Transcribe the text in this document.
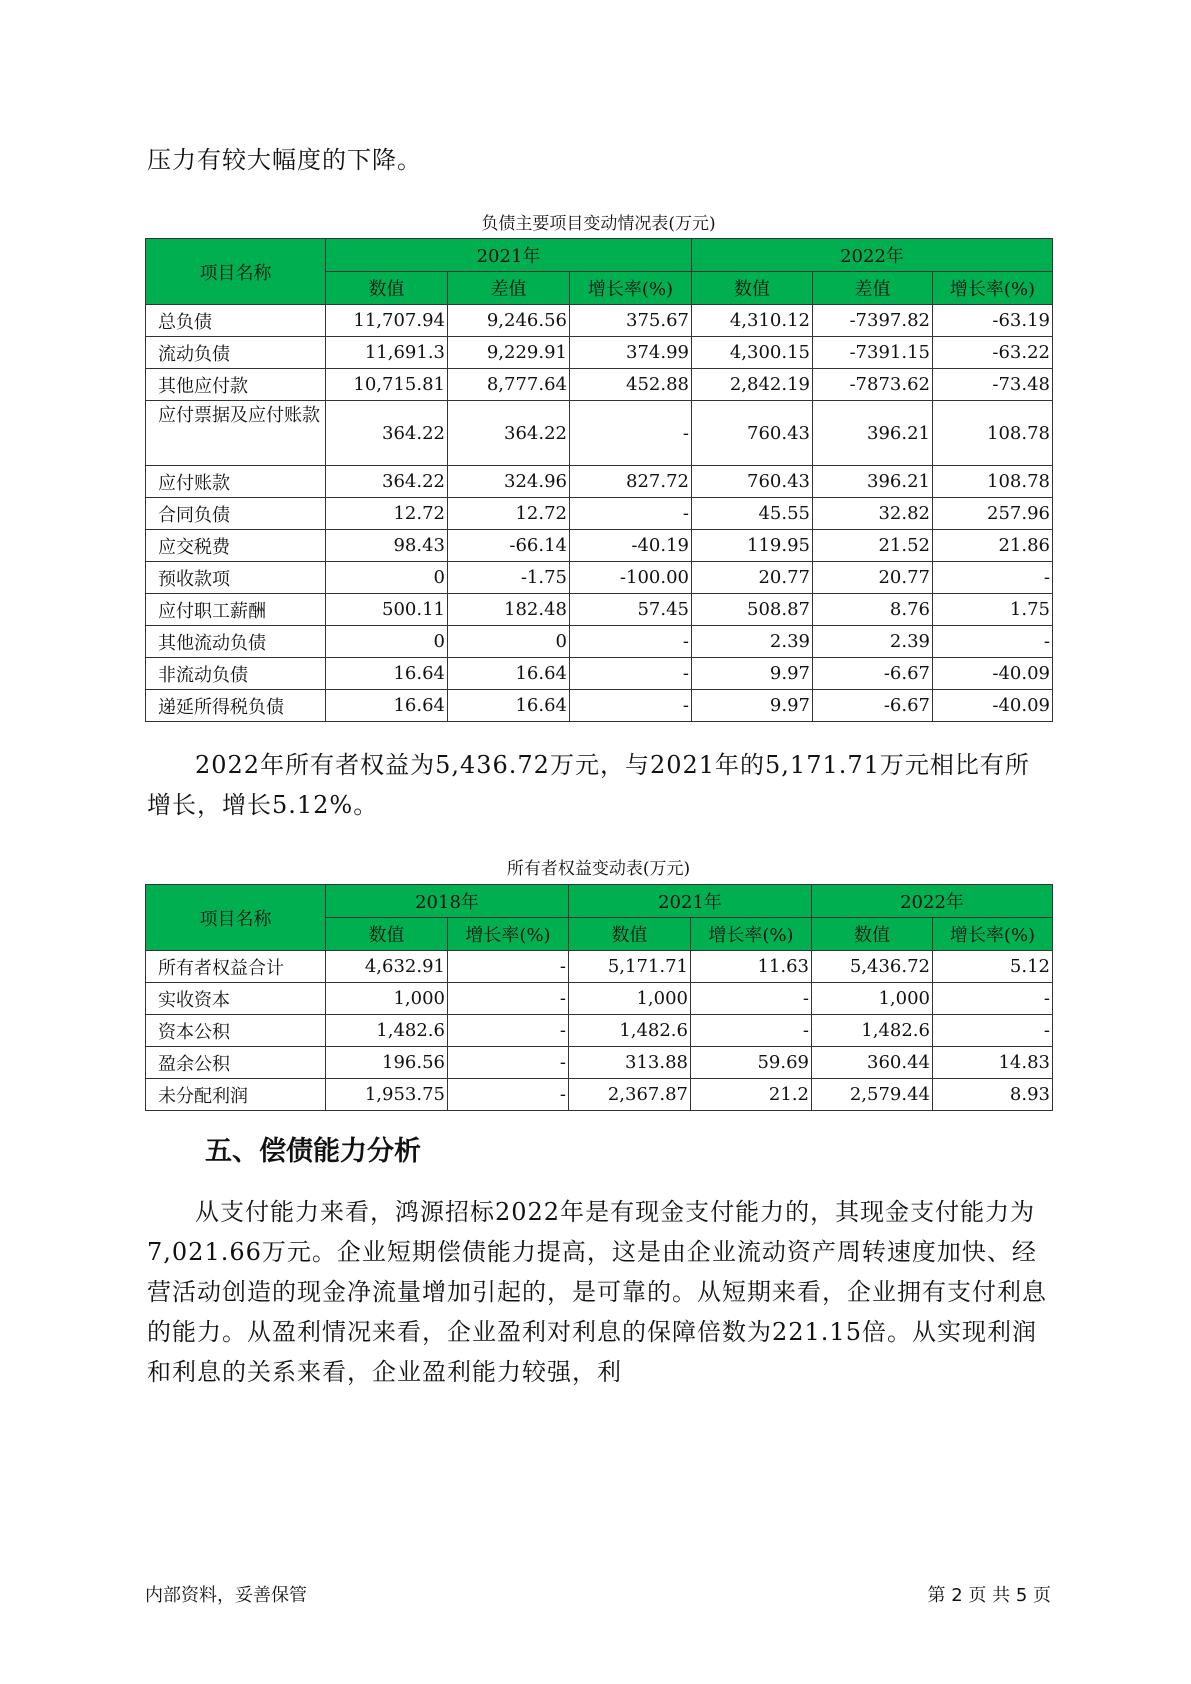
压力有较大幅度的下降。

负债主要项目变动情况表(万元)
项目名称	2021年			2022年		
	数值	差值	增长率(%)	数值	差值	增长率(%)
总负债	11,707.94	9,246.56	375.67	4,310.12	-7397.82	-63.19
流动负债	11,691.3	9,229.91	374.99	4,300.15	-7391.15	-63.22
其他应付款	10,715.81	8,777.64	452.88	2,842.19	-7873.62	-73.48
应付票据及应付账款	364.22	364.22	-	760.43	396.21	108.78
应付账款	364.22	324.96	827.72	760.43	396.21	108.78
合同负债	12.72	12.72	-	45.55	32.82	257.96
应交税费	98.43	-66.14	-40.19	119.95	21.52	21.86
预收款项	0	-1.75	-100.00	20.77	20.77	-
应付职工薪酬	500.11	182.48	57.45	508.87	8.76	1.75
其他流动负债	0	0	-	2.39	2.39	-
非流动负债	16.64	16.64	-	9.97	-6.67	-40.09
递延所得税负债	16.64	16.64	-	9.97	-6.67	-40.09

2022年所有者权益为5,436.72万元，与2021年的5,171.71万元相比有所增长，增长5.12%。

所有者权益变动表(万元)
项目名称	2018年		2021年		2022年	
	数值	增长率(%)	数值	增长率(%)	数值	增长率(%)
所有者权益合计	4,632.91	-	5,171.71	11.63	5,436.72	5.12
实收资本	1,000	-	1,000	-	1,000	-
资本公积	1,482.6	-	1,482.6	-	1,482.6	-
盈余公积	196.56	-	313.88	59.69	360.44	14.83
未分配利润	1,953.75	-	2,367.87	21.2	2,579.44	8.93
五、偿债能力分析

从支付能力来看，鸿源招标2022年是有现金支付能力的，其现金支付能力为7,021.66万元。企业短期偿债能力提高，这是由企业流动资产周转速度加快、经营活动创造的现金净流量增加引起的，是可靠的。从短期来看，企业拥有支付利息的能力。从盈利情况来看，企业盈利对利息的保障倍数为221.15倍。从实现利润和利息的关系来看，企业盈利能力较强，利

内部资料，妥善保管	第 2 页 共 5 页
